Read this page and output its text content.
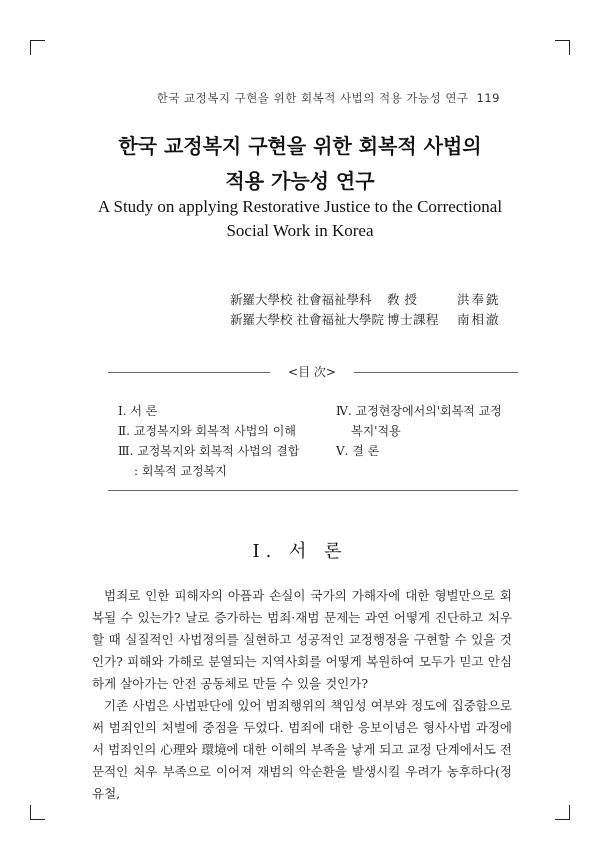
한국 교정복지 구현을 위한 회복적 사법의 적용 가능성 연구 119
한국 교정복지 구현을 위한 회복적 사법의
적용 가능성 연구
A Study on applying Restorative Justice to the Correctional
Social Work in Korea
新羅大學校 社會福祉學科 敎 授	洪奉銑
新羅大學校 社會福祉大學院 博士課程 南相澈
<目 次>
Ⅰ. 서 론
Ⅱ. 교정복지와 회복적 사법의 이해
Ⅲ. 교정복지와 회복적 사법의 결합
: 회복적 교정복지
Ⅳ. 교정현장에서의'회복적 교정
복지'적용
Ⅴ. 결 론
Ⅰ. 서 론

범죄로 인한 피해자의 아픔과 손실이 국가의 가해자에 대한 형벌만으로 회복될 수 있는가? 날로 증가하는 범죄·재범 문제는 과연 어떻게 진단하고 처우할 때 실질적인 사법정의를 실현하고 성공적인 교정행정을 구현할 수 있을 것인가? 피해와 가해로 분열되는 지역사회를 어떻게 복원하여 모두가 믿고 안심하게 살아가는 안전 공동체로 만들 수 있을 것인가?

기존 사법은 사법판단에 있어 범죄행위의 책임성 여부와 정도에 집중함으로써 범죄인의 처벌에 중점을 두었다. 범죄에 대한 응보이념은 형사사법 과정에서 범죄인의 心理와 環境에 대한 이해의 부족을 낳게 되고 교정 단계에서도 전문적인 처우 부족으로 이어져 재범의 악순환을 발생시킬 우려가 농후하다(정유철,
